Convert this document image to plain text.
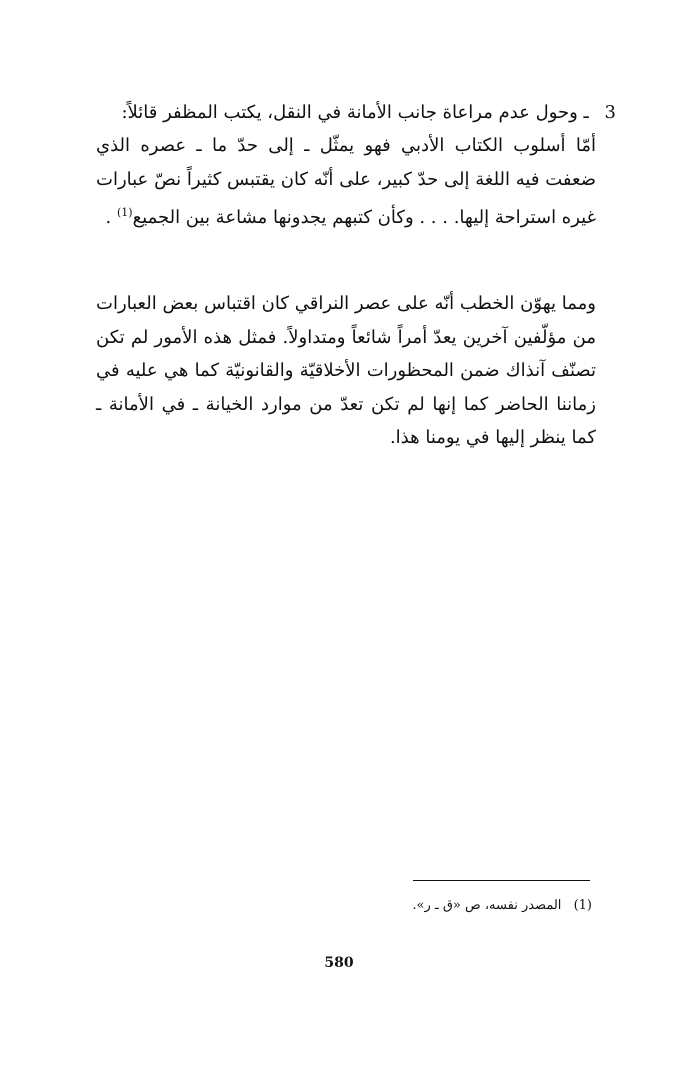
3 ـ وحول عدم مراعاة جانب الأمانة في النقل، يكتب المظفر قائلاً:
أمّا أسلوب الكتاب الأدبي فهو يمثّل ـ إلى حدّ ما ـ عصره الذي ضعفت فيه اللغة إلى حدّ كبير، على أنّه كان يقتبس كثيراً نصّ عبارات غيره استراحة إليها. . . . وكأن كتبهم يجدونها مشاعة بين الجميع$^{(1)}$ .
ومما يهوّن الخطب أنّه على عصر النراقي كان اقتباس بعض العبارات من مؤلّفين آخرين يعدّ أمراً شائعاً ومتداولاً. فمثل هذه الأمور لم تكن تصنّف آنذاك ضمن المحظورات الأخلاقيّة والقانونيّة كما هي عليه في زماننا الحاضر كما إنها لم تكن تعدّ من موارد الخيانة ـ في الأمانة ـ كما ينظر إليها في يومنا هذا.
(1) المصدر نفسه، ص «ق ـ ر».
580
